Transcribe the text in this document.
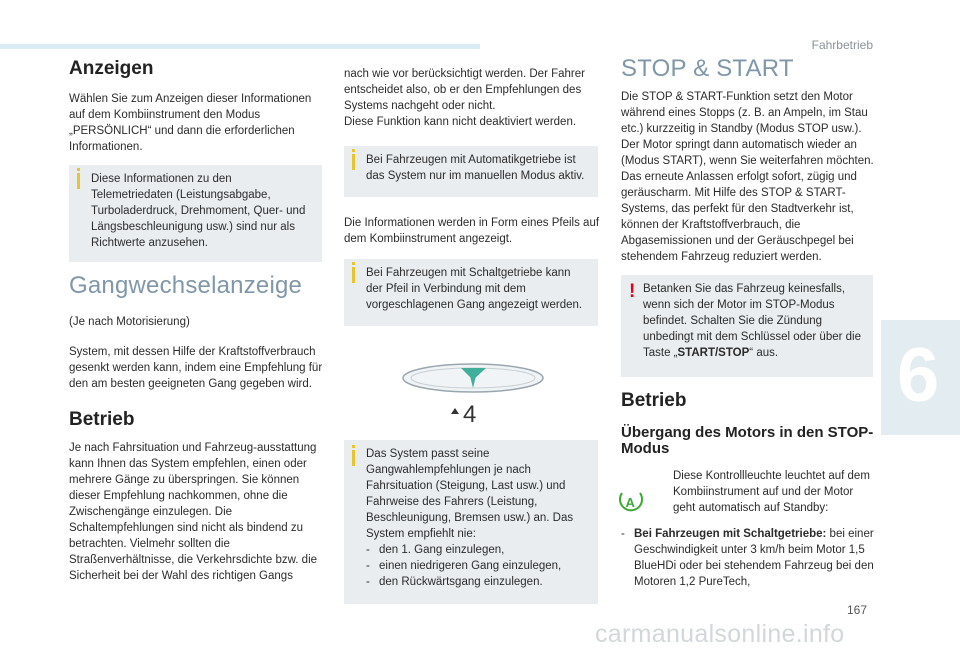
Fahrbetrieb
6
Anzeigen

Wählen Sie zum Anzeigen dieser Informationen auf dem Kombiinstrument den Modus „PERSÖNLICH“ und dann die erforderlichen Informationen.

Diese Informationen zu den Telemetriedaten (Leistungsabgabe, Turboladerdruck, Drehmoment, Quer- und Längsbeschleunigung usw.) sind nur als Richtwerte anzusehen.

Gangwechselanzeige

(Je nach Motorisierung)

System, mit dessen Hilfe der Kraftstoffverbrauch gesenkt werden kann, indem eine Empfehlung für den am besten geeigneten Gang gegeben wird.

Betrieb

Je nach Fahrsituation und Fahrzeug-ausstattung kann Ihnen das System empfehlen, einen oder mehrere Gänge zu überspringen. Sie können dieser Empfehlung nachkommen, ohne die Zwischengänge einzulegen. Die Schaltempfehlungen sind nicht als bindend zu betrachten. Vielmehr sollten die Straßenverhältnisse, die Verkehrsdichte bzw. die Sicherheit bei der Wahl des richtigen Gangs

nach wie vor berücksichtigt werden. Der Fahrer entscheidet also, ob er den Empfehlungen des Systems nachgeht oder nicht.

Diese Funktion kann nicht deaktiviert werden.

Bei Fahrzeugen mit Automatikgetriebe ist das System nur im manuellen Modus aktiv.

Die Informationen werden in Form eines Pfeils auf dem Kombiinstrument angezeigt.

Bei Fahrzeugen mit Schaltgetriebe kann der Pfeil in Verbindung mit dem vorgeschlagenen Gang angezeigt werden.

4

Das System passt seine Gangwahlempfehlungen je nach Fahrsituation (Steigung, Last usw.) und Fahrweise des Fahrers (Leistung, Beschleunigung, Bremsen usw.) an. Das System empfiehlt nie:

- den 1. Gang einzulegen,
- einen niedrigeren Gang einzulegen,
- den Rückwärtsgang einzulegen.
STOP & START

Die STOP & START-Funktion setzt den Motor während eines Stopps (z. B. an Ampeln, im Stau etc.) kurzzeitig in Standby (Modus STOP usw.). Der Motor springt dann automatisch wieder an (Modus START), wenn Sie weiterfahren möchten. Das erneute Anlassen erfolgt sofort, zügig und geräuscharm. Mit Hilfe des STOP & START-Systems, das perfekt für den Stadtverkehr ist, können der Kraftstoffverbrauch, die Abgasemissionen und der Geräuschpegel bei stehendem Fahrzeug reduziert werden.

! Betanken Sie das Fahrzeug keinesfalls, wenn sich der Motor im STOP-Modus befindet. Schalten Sie die Zündung unbedingt mit dem Schlüssel oder über die Taste „START/STOP“ aus.

Betrieb
Übergang des Motors in den STOP-Modus

Diese Kontrollleuchte leuchtet auf dem Kombiinstrument auf und der Motor geht automatisch auf Standby:

- Bei Fahrzeugen mit Schaltgetriebe: bei einer Geschwindigkeit unter 3 km/h beim Motor 1,5 BlueHDi oder bei stehendem Fahrzeug bei den Motoren 1,2 PureTech,
A
167
carmanualsonline.info
